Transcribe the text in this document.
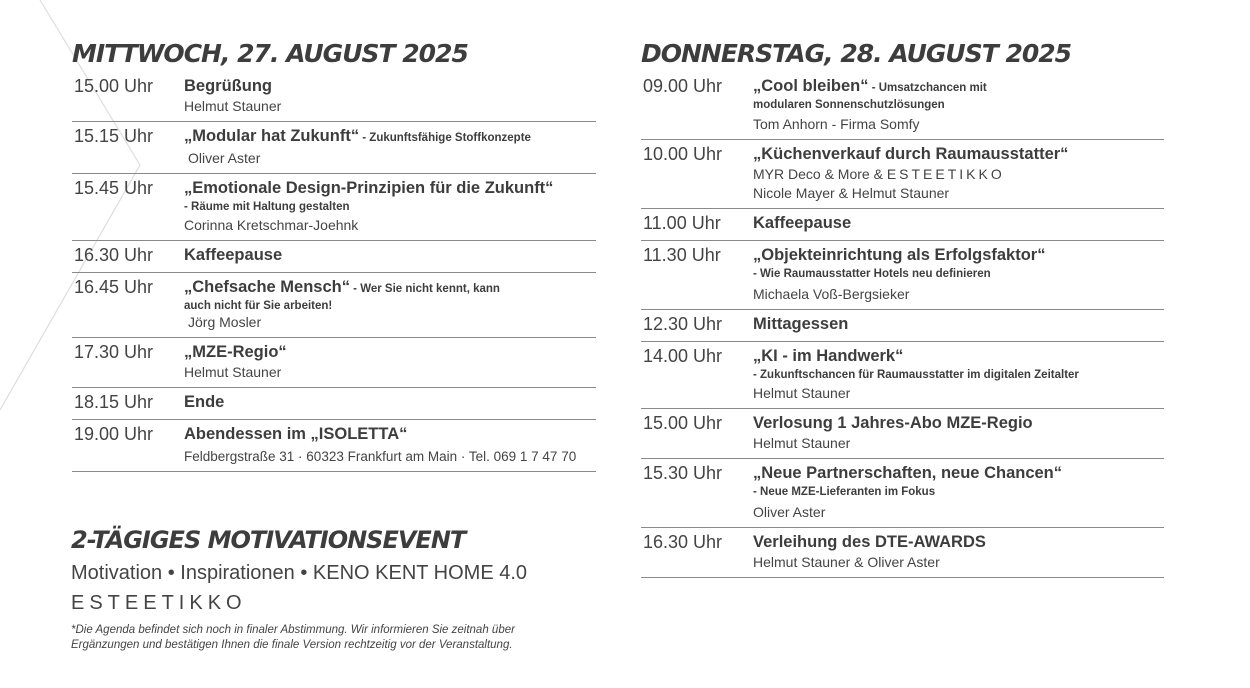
MITTWOCH, 27. AUGUST 2025
15.00 Uhr	Begrüßung
Helmut Stauner
15.15 Uhr	„Modular hat Zukunft“ - Zukunftsfähige Stoffkonzepte
Oliver Aster
15.45 Uhr	„Emotionale Design-Prinzipien für die Zukunft“
- Räume mit Haltung gestalten
Corinna Kretschmar-Joehnk
16.30 Uhr	Kaffeepause
16.45 Uhr	„Chefsache Mensch“ - Wer Sie nicht kennt, kann
auch nicht für Sie arbeiten!
Jörg Mosler
17.30 Uhr	„MZE-Regio“
Helmut Stauner
18.15 Uhr	Ende
19.00 Uhr	Abendessen im „ISOLETTA“
Feldbergstraße 31 · 60323 Frankfurt am Main · Tel. 069 1 7 47 70
DONNERSTAG, 28. AUGUST 2025
09.00 Uhr	„Cool bleiben“ - Umsatzchancen mit
modularen Sonnenschutzlösungen
Tom Anhorn - Firma Somfy
10.00 Uhr	„Küchenverkauf durch Raumausstatter“
MYR Deco & More & ESTEETIKKO
Nicole Mayer & Helmut Stauner
11.00 Uhr	Kaffeepause
11.30 Uhr	„Objekteinrichtung als Erfolgsfaktor“
- Wie Raumausstatter Hotels neu definieren
Michaela Voß-Bergsieker
12.30 Uhr	Mittagessen
14.00 Uhr	„KI - im Handwerk“
- Zukunftschancen für Raumausstatter im digitalen Zeitalter
Helmut Stauner
15.00 Uhr	Verlosung 1 Jahres-Abo MZE-Regio
Helmut Stauner
15.30 Uhr	„Neue Partnerschaften, neue Chancen“
- Neue MZE-Lieferanten im Fokus
Oliver Aster
16.30 Uhr	Verleihung des DTE-AWARDS
Helmut Stauner & Oliver Aster
2-TÄGIGES MOTIVATIONSEVENT
Motivation • Inspirationen • KENO KENT HOME 4.0
ESTEETIKKO
*Die Agenda befindet sich noch in finaler Abstimmung. Wir informieren Sie zeitnah über
Ergänzungen und bestätigen Ihnen die finale Version rechtzeitig vor der Veranstaltung.
